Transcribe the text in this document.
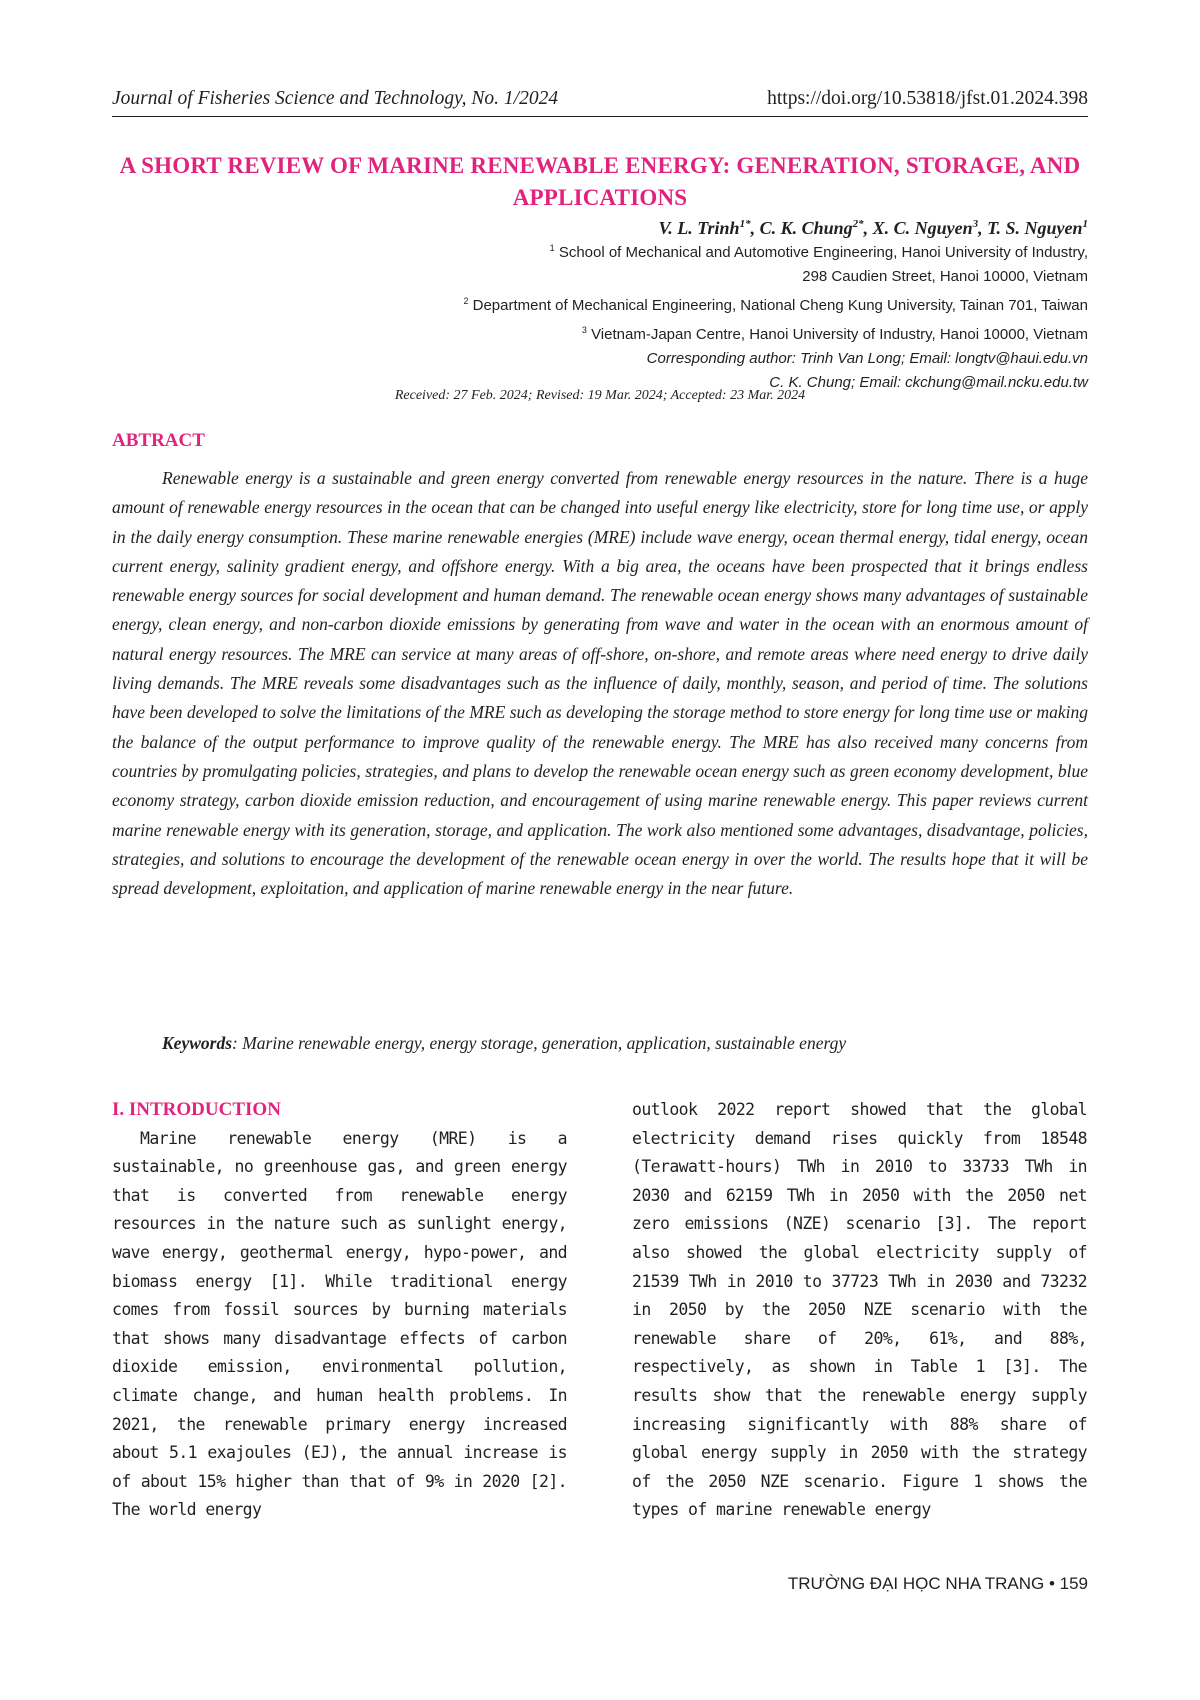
Journal of Fisheries Science and Technology, No. 1/2024	https://doi.org/10.53818/jfst.01.2024.398
A SHORT REVIEW OF MARINE RENEWABLE ENERGY: GENERATION, STORAGE, AND APPLICATIONS
V. L. Trinh$^{1*}$, C. K. Chung$^{2*}$, X. C. Nguyen$^3$, T. S. Nguyen$^1$
$^1$ School of Mechanical and Automotive Engineering, Hanoi University of Industry,
298 Caudien Street, Hanoi 10000, Vietnam
$^2$ Department of Mechanical Engineering, National Cheng Kung University, Tainan 701, Taiwan
$^3$ Vietnam-Japan Centre, Hanoi University of Industry, Hanoi 10000, Vietnam
Corresponding author: Trinh Van Long; Email: longtv@haui.edu.vn
C. K. Chung; Email: ckchung@mail.ncku.edu.tw
Received: 27 Feb. 2024; Revised: 19 Mar. 2024; Accepted: 23 Mar. 2024
ABTRACT

Renewable energy is a sustainable and green energy converted from renewable energy resources in the nature. There is a huge amount of renewable energy resources in the ocean that can be changed into useful energy like electricity, store for long time use, or apply in the daily energy consumption. These marine renewable energies (MRE) include wave energy, ocean thermal energy, tidal energy, ocean current energy, salinity gradient energy, and offshore energy. With a big area, the oceans have been prospected that it brings endless renewable energy sources for social development and human demand. The renewable ocean energy shows many advantages of sustainable energy, clean energy, and non-carbon dioxide emissions by generating from wave and water in the ocean with an enormous amount of natural energy resources. The MRE can service at many areas of off-shore, on-shore, and remote areas where need energy to drive daily living demands. The MRE reveals some disadvantages such as the influence of daily, monthly, season, and period of time. The solutions have been developed to solve the limitations of the MRE such as developing the storage method to store energy for long time use or making the balance of the output performance to improve quality of the renewable energy. The MRE has also received many concerns from countries by promulgating policies, strategies, and plans to develop the renewable ocean energy such as green economy development, blue economy strategy, carbon dioxide emission reduction, and encouragement of using marine renewable energy. This paper reviews current marine renewable energy with its generation, storage, and application. The work also mentioned some advantages, disadvantage, policies, strategies, and solutions to encourage the development of the renewable ocean energy in over the world. The results hope that it will be spread development, exploitation, and application of marine renewable energy in the near future.

Keywords: Marine renewable energy, energy storage, generation, application, sustainable energy
I. INTRODUCTION

Marine renewable energy (MRE) is a sustainable, no greenhouse gas, and green energy that is converted from renewable energy resources in the nature such as sunlight energy, wave energy, geothermal energy, hypo-power, and biomass energy [1]. While traditional energy comes from fossil sources by burning materials that shows many disadvantage effects of carbon dioxide emission, environmental pollution, climate change, and human health problems. In 2021, the renewable primary energy increased about 5.1 exajoules (EJ), the annual increase is of about 15% higher than that of 9% in 2020 [2]. The world energy

outlook 2022 report showed that the global electricity demand rises quickly from 18548 (Terawatt-hours) TWh in 2010 to 33733 TWh in 2030 and 62159 TWh in 2050 with the 2050 net zero emissions (NZE) scenario [3]. The report also showed the global electricity supply of 21539 TWh in 2010 to 37723 TWh in 2030 and 73232 in 2050 by the 2050 NZE scenario with the renewable share of 20%, 61%, and 88%, respectively, as shown in Table 1 [3]. The results show that the renewable energy supply increasing significantly with 88% share of global energy supply in 2050 with the strategy of the 2050 NZE scenario. Figure 1 shows the types of marine renewable energy

TRƯỜNG ĐẠI HỌC NHA TRANG • 159
